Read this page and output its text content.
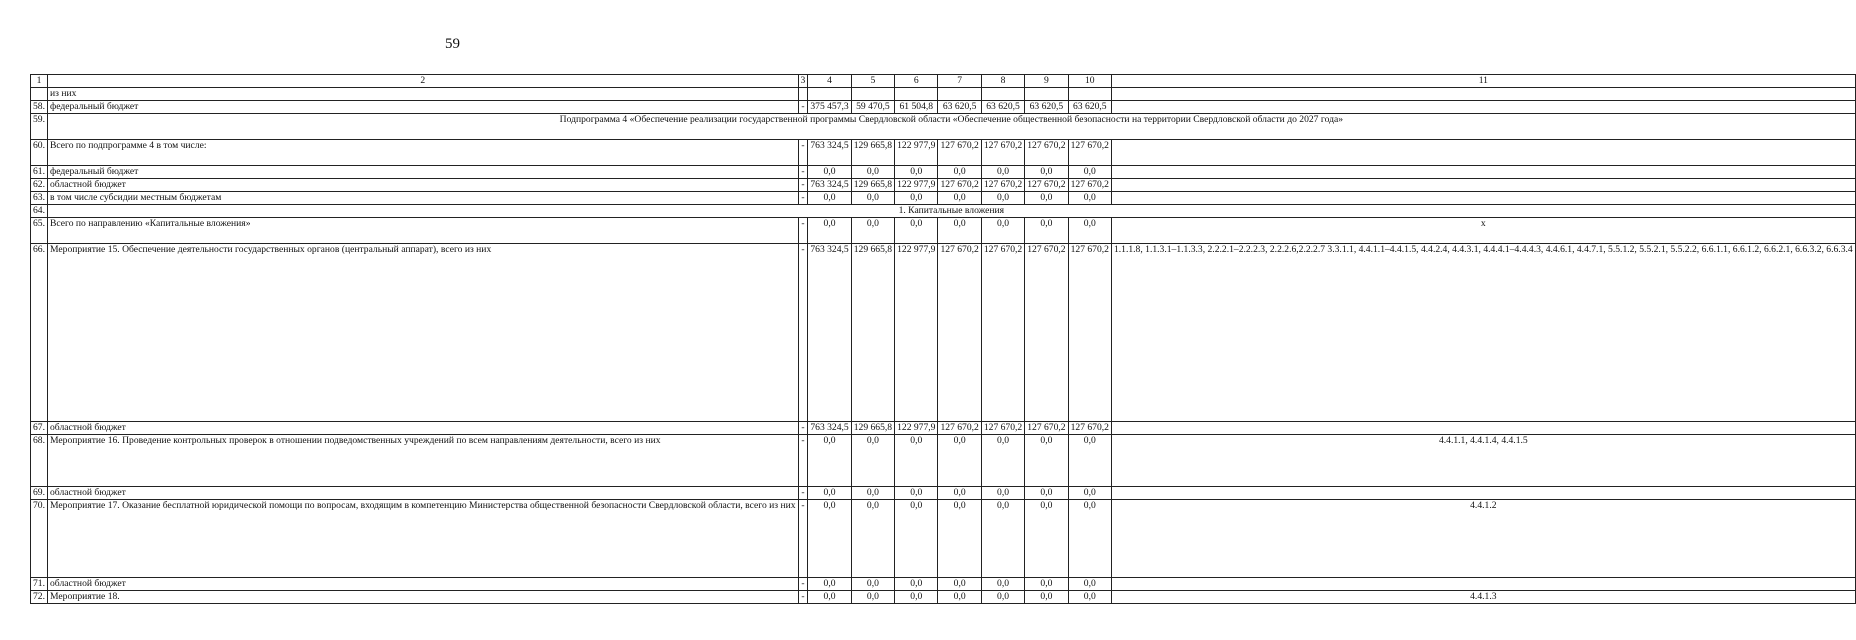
59
1	2	3	4	5	6	7	8	9	10	11
	из них									
58.	федеральный бюджет	-	375 457,3	59 470,5	61 504,8	63 620,5	63 620,5	63 620,5	63 620,5	
59.	Подпрограмма 4 «Обеспечение реализации государственной программы Свердловской области «Обеспечение общественной безопасности на территории Свердловской области до 2027 года»									
60.	Всего по подпрограмме 4 в том числе:	-	763 324,5	129 665,8	122 977,9	127 670,2	127 670,2	127 670,2	127 670,2	
61.	федеральный бюджет	-	0,0	0,0	0,0	0,0	0,0	0,0	0,0	
62.	областной бюджет	-	763 324,5	129 665,8	122 977,9	127 670,2	127 670,2	127 670,2	127 670,2	
63.	в том числе субсидии местным бюджетам	-	0,0	0,0	0,0	0,0	0,0	0,0	0,0	
64.	1. Капитальные вложения									
65.	Всего по направлению «Капитальные вложения»	-	0,0	0,0	0,0	0,0	0,0	0,0	0,0	x
66.	Мероприятие 15. Обеспечение деятельности государственных органов (центральный аппарат), всего из них	-	763 324,5	129 665,8	122 977,9	127 670,2	127 670,2	127 670,2	127 670,2	1.1.1.8, 1.1.3.1–1.1.3.3, 2.2.2.1–2.2.2.3, 2.2.2.6,2.2.2.7 3.3.1.1, 4.4.1.1–4.4.1.5, 4.4.2.4, 4.4.3.1, 4.4.4.1–4.4.4.3, 4.4.6.1, 4.4.7.1, 5.5.1.2, 5.5.2.1, 5.5.2.2, 6.6.1.1, 6.6.1.2, 6.6.2.1, 6.6.3.2, 6.6.3.4
67.	областной бюджет	-	763 324,5	129 665,8	122 977,9	127 670,2	127 670,2	127 670,2	127 670,2	
68.	Мероприятие 16. Проведение контрольных проверок в отношении подведомственных учреждений по всем направлениям деятельности, всего из них	-	0,0	0,0	0,0	0,0	0,0	0,0	0,0	4.4.1.1, 4.4.1.4, 4.4.1.5
69.	областной бюджет	-	0,0	0,0	0,0	0,0	0,0	0,0	0,0	
70.	Мероприятие 17. Оказание бесплатной юридической помощи по вопросам, входящим в компетенцию Министерства общественной безопасности Свердловской области, всего из них	-	0,0	0,0	0,0	0,0	0,0	0,0	0,0	4.4.1.2
71.	областной бюджет	-	0,0	0,0	0,0	0,0	0,0	0,0	0,0	
72.	Мероприятие 18.	-	0,0	0,0	0,0	0,0	0,0	0,0	0,0	4.4.1.3
